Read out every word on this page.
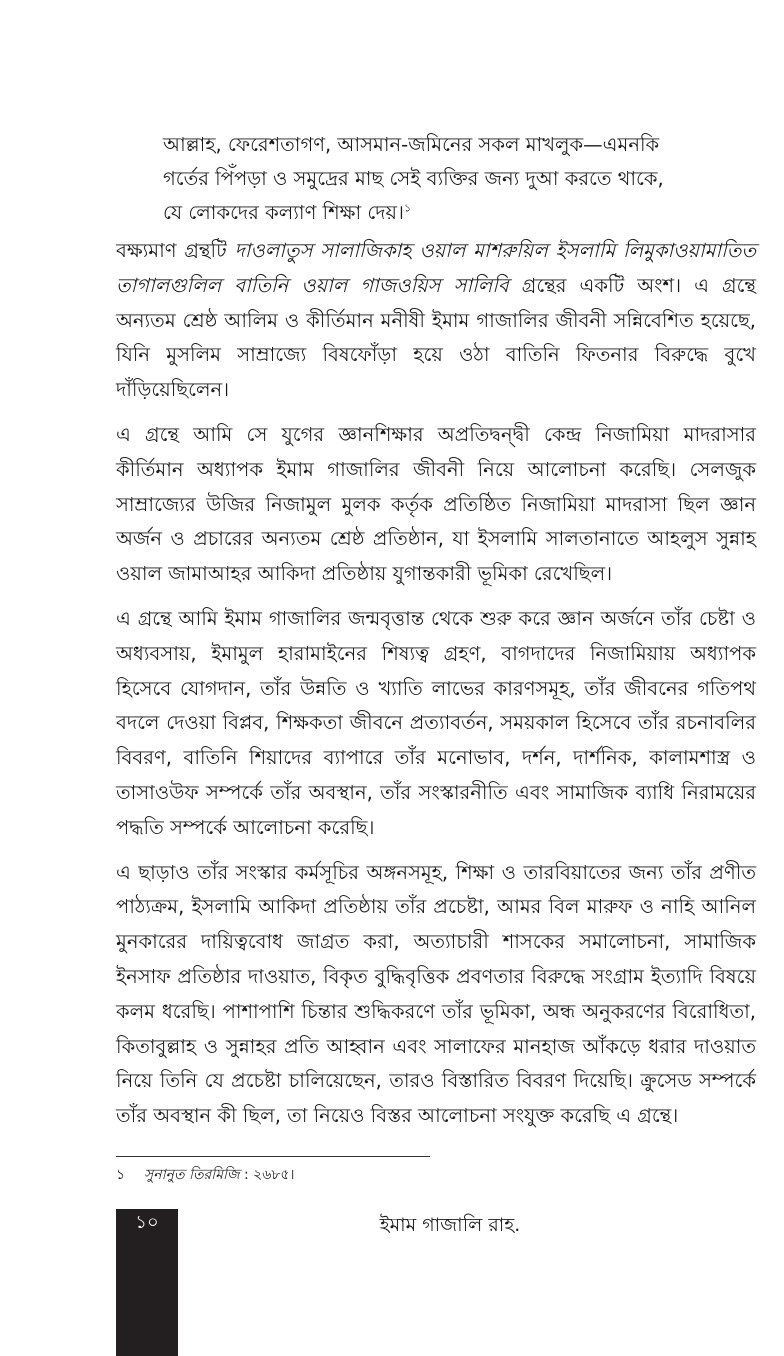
আল্লাহ, ফেরেশতাগণ, আসমান-জমিনের সকল মাখলুক—এমনকি
গর্তের পিঁপড়া ও সমুদ্রের মাছ সেই ব্যক্তির জন্য দুআ করতে থাকে,
যে লোকদের কল্যাণ শিক্ষা দেয়।$^১$

বক্ষ্যমাণ গ্রন্থটি দাওলাতুস সালাজিকাহ ওয়াল মাশরুয়িল ইসলামি লিমুকাওয়ামাতিত তাগালগুলিল বাতিনি ওয়াল গাজওয়িস সালিবি গ্রন্থের একটি অংশ। এ গ্রন্থে অন্যতম শ্রেষ্ঠ আলিম ও কীর্তিমান মনীষী ইমাম গাজালির জীবনী সন্নিবেশিত হয়েছে, যিনি মুসলিম সাম্রাজ্যে বিষফোঁড়া হয়ে ওঠা বাতিনি ফিতনার বিরুদ্ধে বুখে দাঁড়িয়েছিলেন।

এ গ্রন্থে আমি সে যুগের জ্ঞানশিক্ষার অপ্রতিদ্বন্দ্বী কেন্দ্র নিজামিয়া মাদরাসার কীর্তিমান অধ্যাপক ইমাম গাজালির জীবনী নিয়ে আলোচনা করেছি। সেলজুক সাম্রাজ্যের উজির নিজামুল মুলক কর্তৃক প্রতিষ্ঠিত নিজামিয়া মাদরাসা ছিল জ্ঞান অর্জন ও প্রচারের অন্যতম শ্রেষ্ঠ প্রতিষ্ঠান, যা ইসলামি সালতানাতে আহলুস সুন্নাহ ওয়াল জামাআহর আকিদা প্রতিষ্ঠায় যুগান্তকারী ভূমিকা রেখেছিল।

এ গ্রন্থে আমি ইমাম গাজালির জন্মবৃত্তান্ত থেকে শুরু করে জ্ঞান অর্জনে তাঁর চেষ্টা ও অধ্যবসায়, ইমামুল হারামাইনের শিষ্যত্ব গ্রহণ, বাগদাদের নিজামিয়ায় অধ্যাপক হিসেবে যোগদান, তাঁর উন্নতি ও খ্যাতি লাভের কারণসমূহ, তাঁর জীবনের গতিপথ বদলে দেওয়া বিপ্লব, শিক্ষকতা জীবনে প্রত্যাবর্তন, সময়কাল হিসেবে তাঁর রচনাবলির বিবরণ, বাতিনি শিয়াদের ব্যাপারে তাঁর মনোভাব, দর্শন, দার্শনিক, কালামশাস্ত্র ও তাসাওউফ সম্পর্কে তাঁর অবস্থান, তাঁর সংস্কারনীতি এবং সামাজিক ব্যাধি নিরাময়ের পদ্ধতি সম্পর্কে আলোচনা করেছি।

এ ছাড়াও তাঁর সংস্কার কর্মসূচির অঙ্গনসমূহ, শিক্ষা ও তারবিয়াতের জন্য তাঁর প্রণীত পাঠ্যক্রম, ইসলামি আকিদা প্রতিষ্ঠায় তাঁর প্রচেষ্টা, আমর বিল মারুফ ও নাহি আনিল মুনকারের দায়িত্ববোধ জাগ্রত করা, অত্যাচারী শাসকের সমালোচনা, সামাজিক ইনসাফ প্রতিষ্ঠার দাওয়াত, বিকৃত বুদ্ধিবৃত্তিক প্রবণতার বিরুদ্ধে সংগ্রাম ইত্যাদি বিষয়ে কলম ধরেছি। পাশাপাশি চিন্তার শুদ্ধিকরণে তাঁর ভূমিকা, অন্ধ অনুকরণের বিরোধিতা, কিতাবুল্লাহ ও সুন্নাহর প্রতি আহ্বান এবং সালাফের মানহাজ আঁকড়ে ধরার দাওয়াত নিয়ে তিনি যে প্রচেষ্টা চালিয়েছেন, তারও বিস্তারিত বিবরণ দিয়েছি। ক্রুসেড সম্পর্কে তাঁর অবস্থান কী ছিল, তা নিয়েও বিস্তর আলোচনা সংযুক্ত করেছি এ গ্রন্থে।

১ সুনানুত তিরমিজি : ২৬৮৫।
১০	ইমাম গাজালি রাহ.
